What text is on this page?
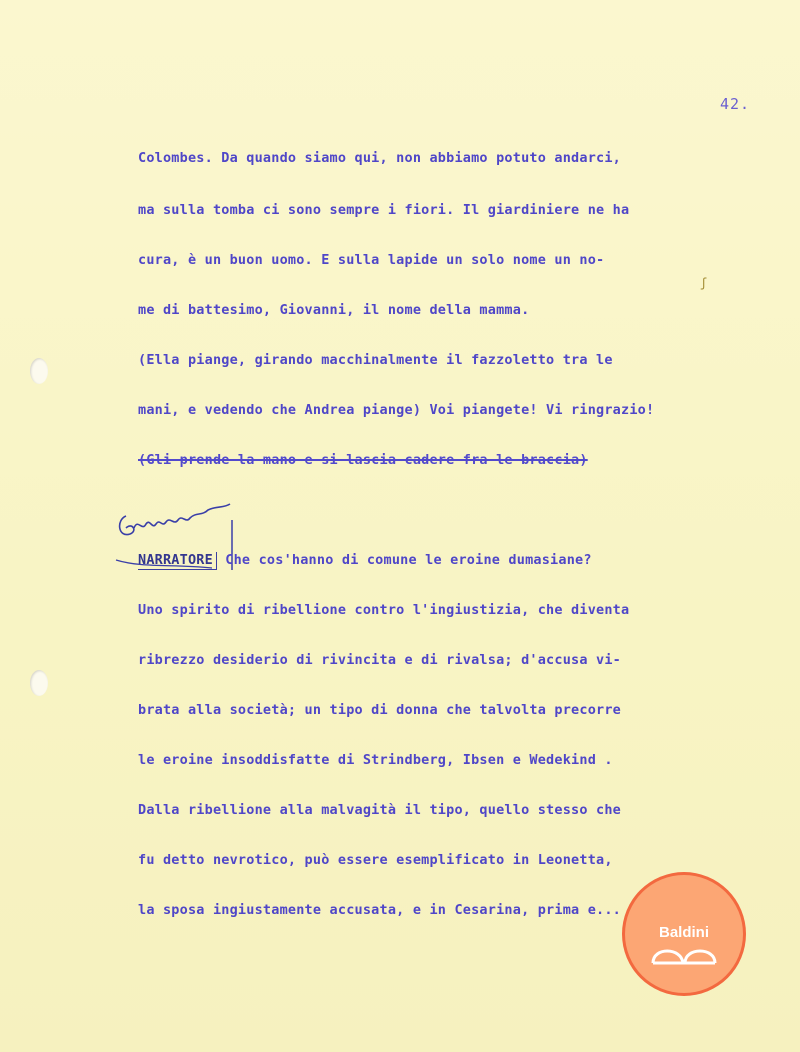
42.
Colombes. Da quando siamo qui, non abbiamo potuto andarci,
ma sulla tomba ci sono sempre i fiori. Il giardiniere ne ha
cura, è un buon uomo. E sulla lapide un solo nome un no-
ʃ
me di battesimo, Giovanni, il nome della mamma.
(Ella piange, girando macchinalmente il fazzoletto tra le
mani, e vedendo che Andrea piange) Voi piangete! Vi ringrazio!
(Gli prende la mano e si lascia cadere fra le braccia)
NARRATORE Che cos'hanno di comune le eroine dumasiane?
Uno spirito di ribellione contro l'ingiustizia, che diventa
ribrezzo desiderio di rivincita e di rivalsa; d'accusa vi-
brata alla società; un tipo di donna che talvolta precorre
le eroine insoddisfatte di Strindberg, Ibsen e Wedekind .
Dalla ribellione alla malvagità il tipo, quello stesso che
fu detto nevrotico, può essere esemplificato in Leonetta,
la sposa ingiustamente accusata, e in Cesarina, prima e...
Baldini
